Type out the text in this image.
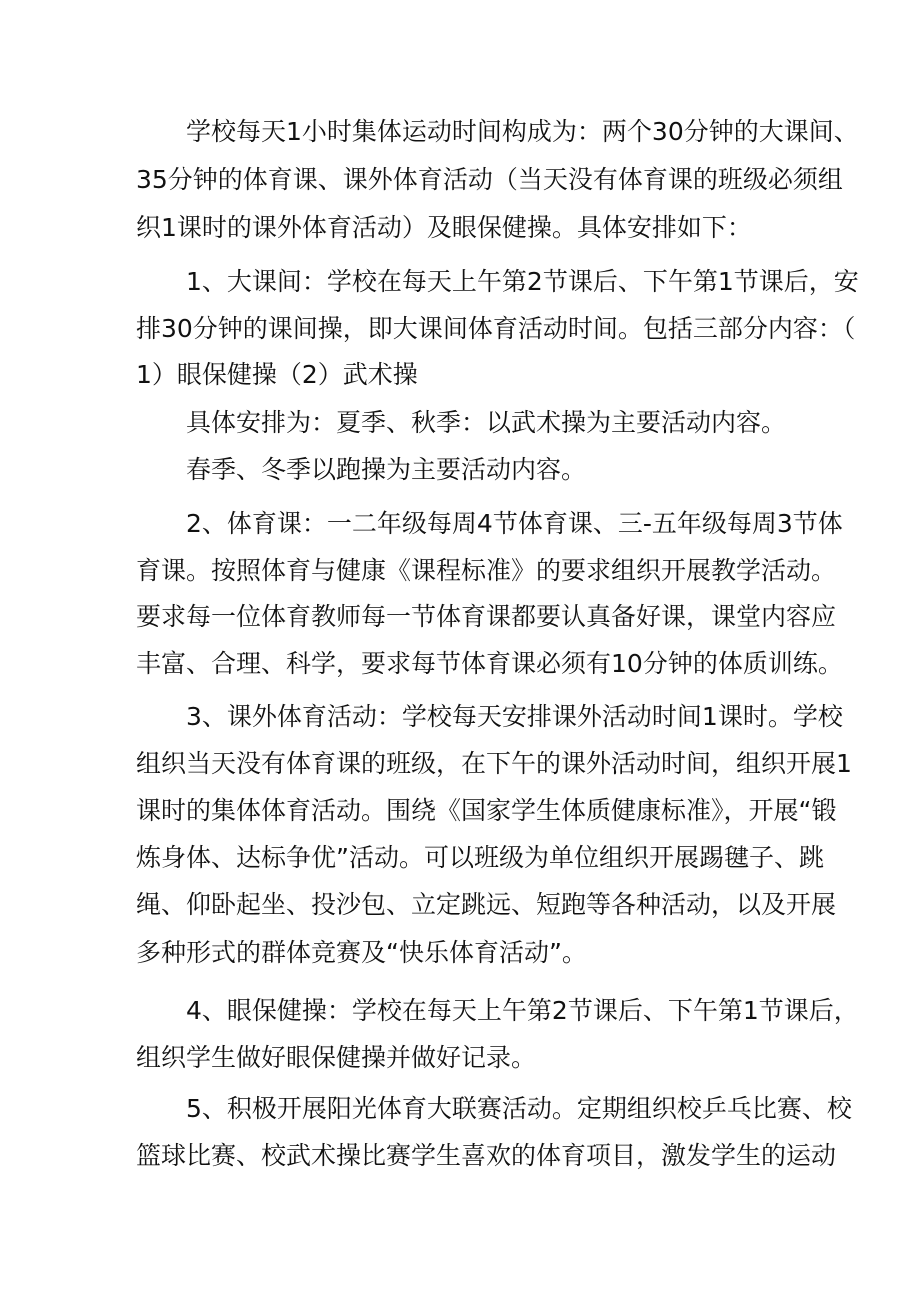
学校每天1小时集体运动时间构成为：两个30分钟的大课间、
35分钟的体育课、课外体育活动（当天没有体育课的班级必须组
织1课时的课外体育活动）及眼保健操。具体安排如下：
1、大课间：学校在每天上午第2节课后、下午第1节课后，安
排30分钟的课间操，即大课间体育活动时间。包括三部分内容：（
1）眼保健操（2）武术操
具体安排为：夏季、秋季：以武术操为主要活动内容。
春季、冬季以跑操为主要活动内容。
2、体育课：一二年级每周4节体育课、三-五年级每周3节体
育课。按照体育与健康《课程标准》的要求组织开展教学活动。
要求每一位体育教师每一节体育课都要认真备好课，课堂内容应
丰富、合理、科学，要求每节体育课必须有10分钟的体质训练。
3、课外体育活动：学校每天安排课外活动时间1课时。学校
组织当天没有体育课的班级，在下午的课外活动时间，组织开展1
课时的集体体育活动。围绕《国家学生体质健康标准》，开展“锻
炼身体、达标争优”活动。可以班级为单位组织开展踢毽子、跳
绳、仰卧起坐、投沙包、立定跳远、短跑等各种活动，以及开展
多种形式的群体竞赛及“快乐体育活动”。
4、眼保健操：学校在每天上午第2节课后、下午第1节课后，
组织学生做好眼保健操并做好记录。
5、积极开展阳光体育大联赛活动。定期组织校乒乓比赛、校
篮球比赛、校武术操比赛学生喜欢的体育项目，激发学生的运动
